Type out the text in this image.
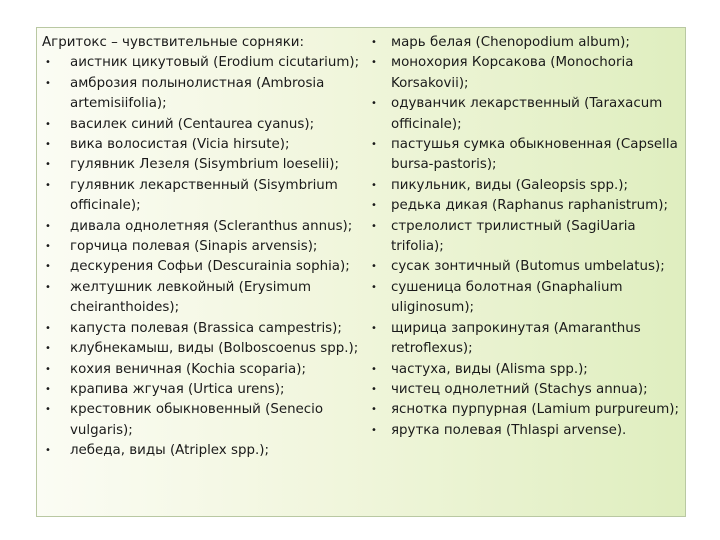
Агритокс – чувствительные сорняки:

• аистник цикутовый (Erodium cicutarium);
• амброзия полынолистная (Ambrosia artemisiifolia);
• василек синий (Centaurea cyanus);
• вика волосистая (Vicia hirsute);
• гулявник Лезеля (Sisymbrium loeselii);
• гулявник лекарственный (Sisymbrium officinale);
• дивала однолетняя (Scleranthus annus);
• горчица полевая (Sinapis arvensis);
• дескурения Софьи (Descurainia sophia);
• желтушник левкойный (Erysimum cheiranthoides);
• капуста полевая (Brassica campestris);
• клубнекамыш, виды (Bolboscoenus spp.);
• кохия веничная (Kochia scoparia);
• крапива жгучая (Urtica urens);
• крестовник обыкновенный (Senecio vulgaris);
• лебеда, виды (Atriplex spp.);
• марь белая (Chenopodium album);
• монохория Корсакова (Monochoria Korsakovii);
• одуванчик лекарственный (Taraxacum officinale);
• пастушья сумка обыкновенная (Capsella bursa-pastoris);
• пикульник, виды (Galeopsis spp.);
• редька дикая (Raphanus raphanistrum);
• стрелолист трилистный (SagiUaria trifolia);
• сусак зонтичный (Butomus umbelatus);
• сушеница болотная (Gnaphalium uliginosum);
• щирица запрокинутая (Amaranthus retroflexus);
• частуха, виды (Alisma spp.);
• чистец однолетний (Stachys annua);
• яснотка пурпурная (Lamium purpureum);
• ярутка полевая (Thlaspi arvense).
